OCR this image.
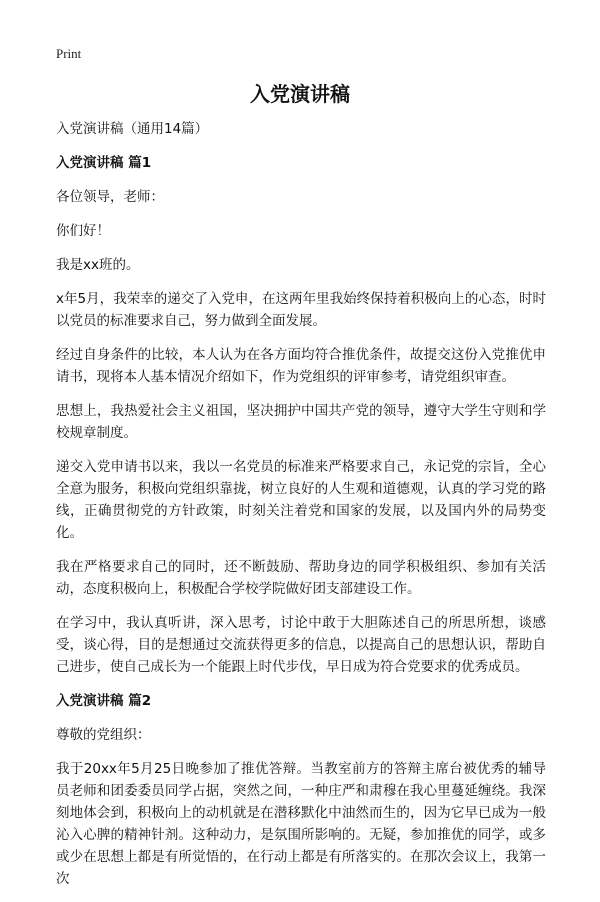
Print
入党演讲稿

入党演讲稿（通用14篇）

入党演讲稿 篇1

各位领导，老师：

你们好！

我是xx班的。

x年5月，我荣幸的递交了入党申，在这两年里我始终保持着积极向上的心态，时时以党员的标准要求自己，努力做到全面发展。

经过自身条件的比较，本人认为在各方面均符合推优条件，故提交这份入党推优申请书，现将本人基本情况介绍如下，作为党组织的评审参考，请党组织审查。

思想上，我热爱社会主义祖国，坚决拥护中国共产党的领导，遵守大学生守则和学校规章制度。

递交入党申请书以来，我以一名党员的标准来严格要求自己，永记党的宗旨，全心全意为服务，积极向党组织靠拢，树立良好的人生观和道德观，认真的学习党的路线，正确贯彻党的方针政策，时刻关注着党和国家的发展，以及国内外的局势变化。

我在严格要求自己的同时，还不断鼓励、帮助身边的同学积极组织、参加有关活动，态度积极向上，积极配合学校学院做好团支部建设工作。

在学习中，我认真听讲，深入思考，讨论中敢于大胆陈述自己的所思所想，谈感受，谈心得，目的是想通过交流获得更多的信息，以提高自己的思想认识，帮助自己进步，使自己成长为一个能跟上时代步伐，早日成为符合党要求的优秀成员。

入党演讲稿 篇2

尊敬的党组织：

我于20xx年5月25日晚参加了推优答辩。当教室前方的答辩主席台被优秀的辅导员老师和团委委员同学占据，突然之间，一种庄严和肃穆在我心里蔓延缠绕。我深刻地体会到，积极向上的动机就是在潜移默化中油然而生的，因为它早已成为一般沁入心脾的精神针剂。这种动力，是氛围所影响的。无疑，参加推优的同学，或多或少在思想上都是有所觉悟的，在行动上都是有所落实的。在那次会议上，我第一次
